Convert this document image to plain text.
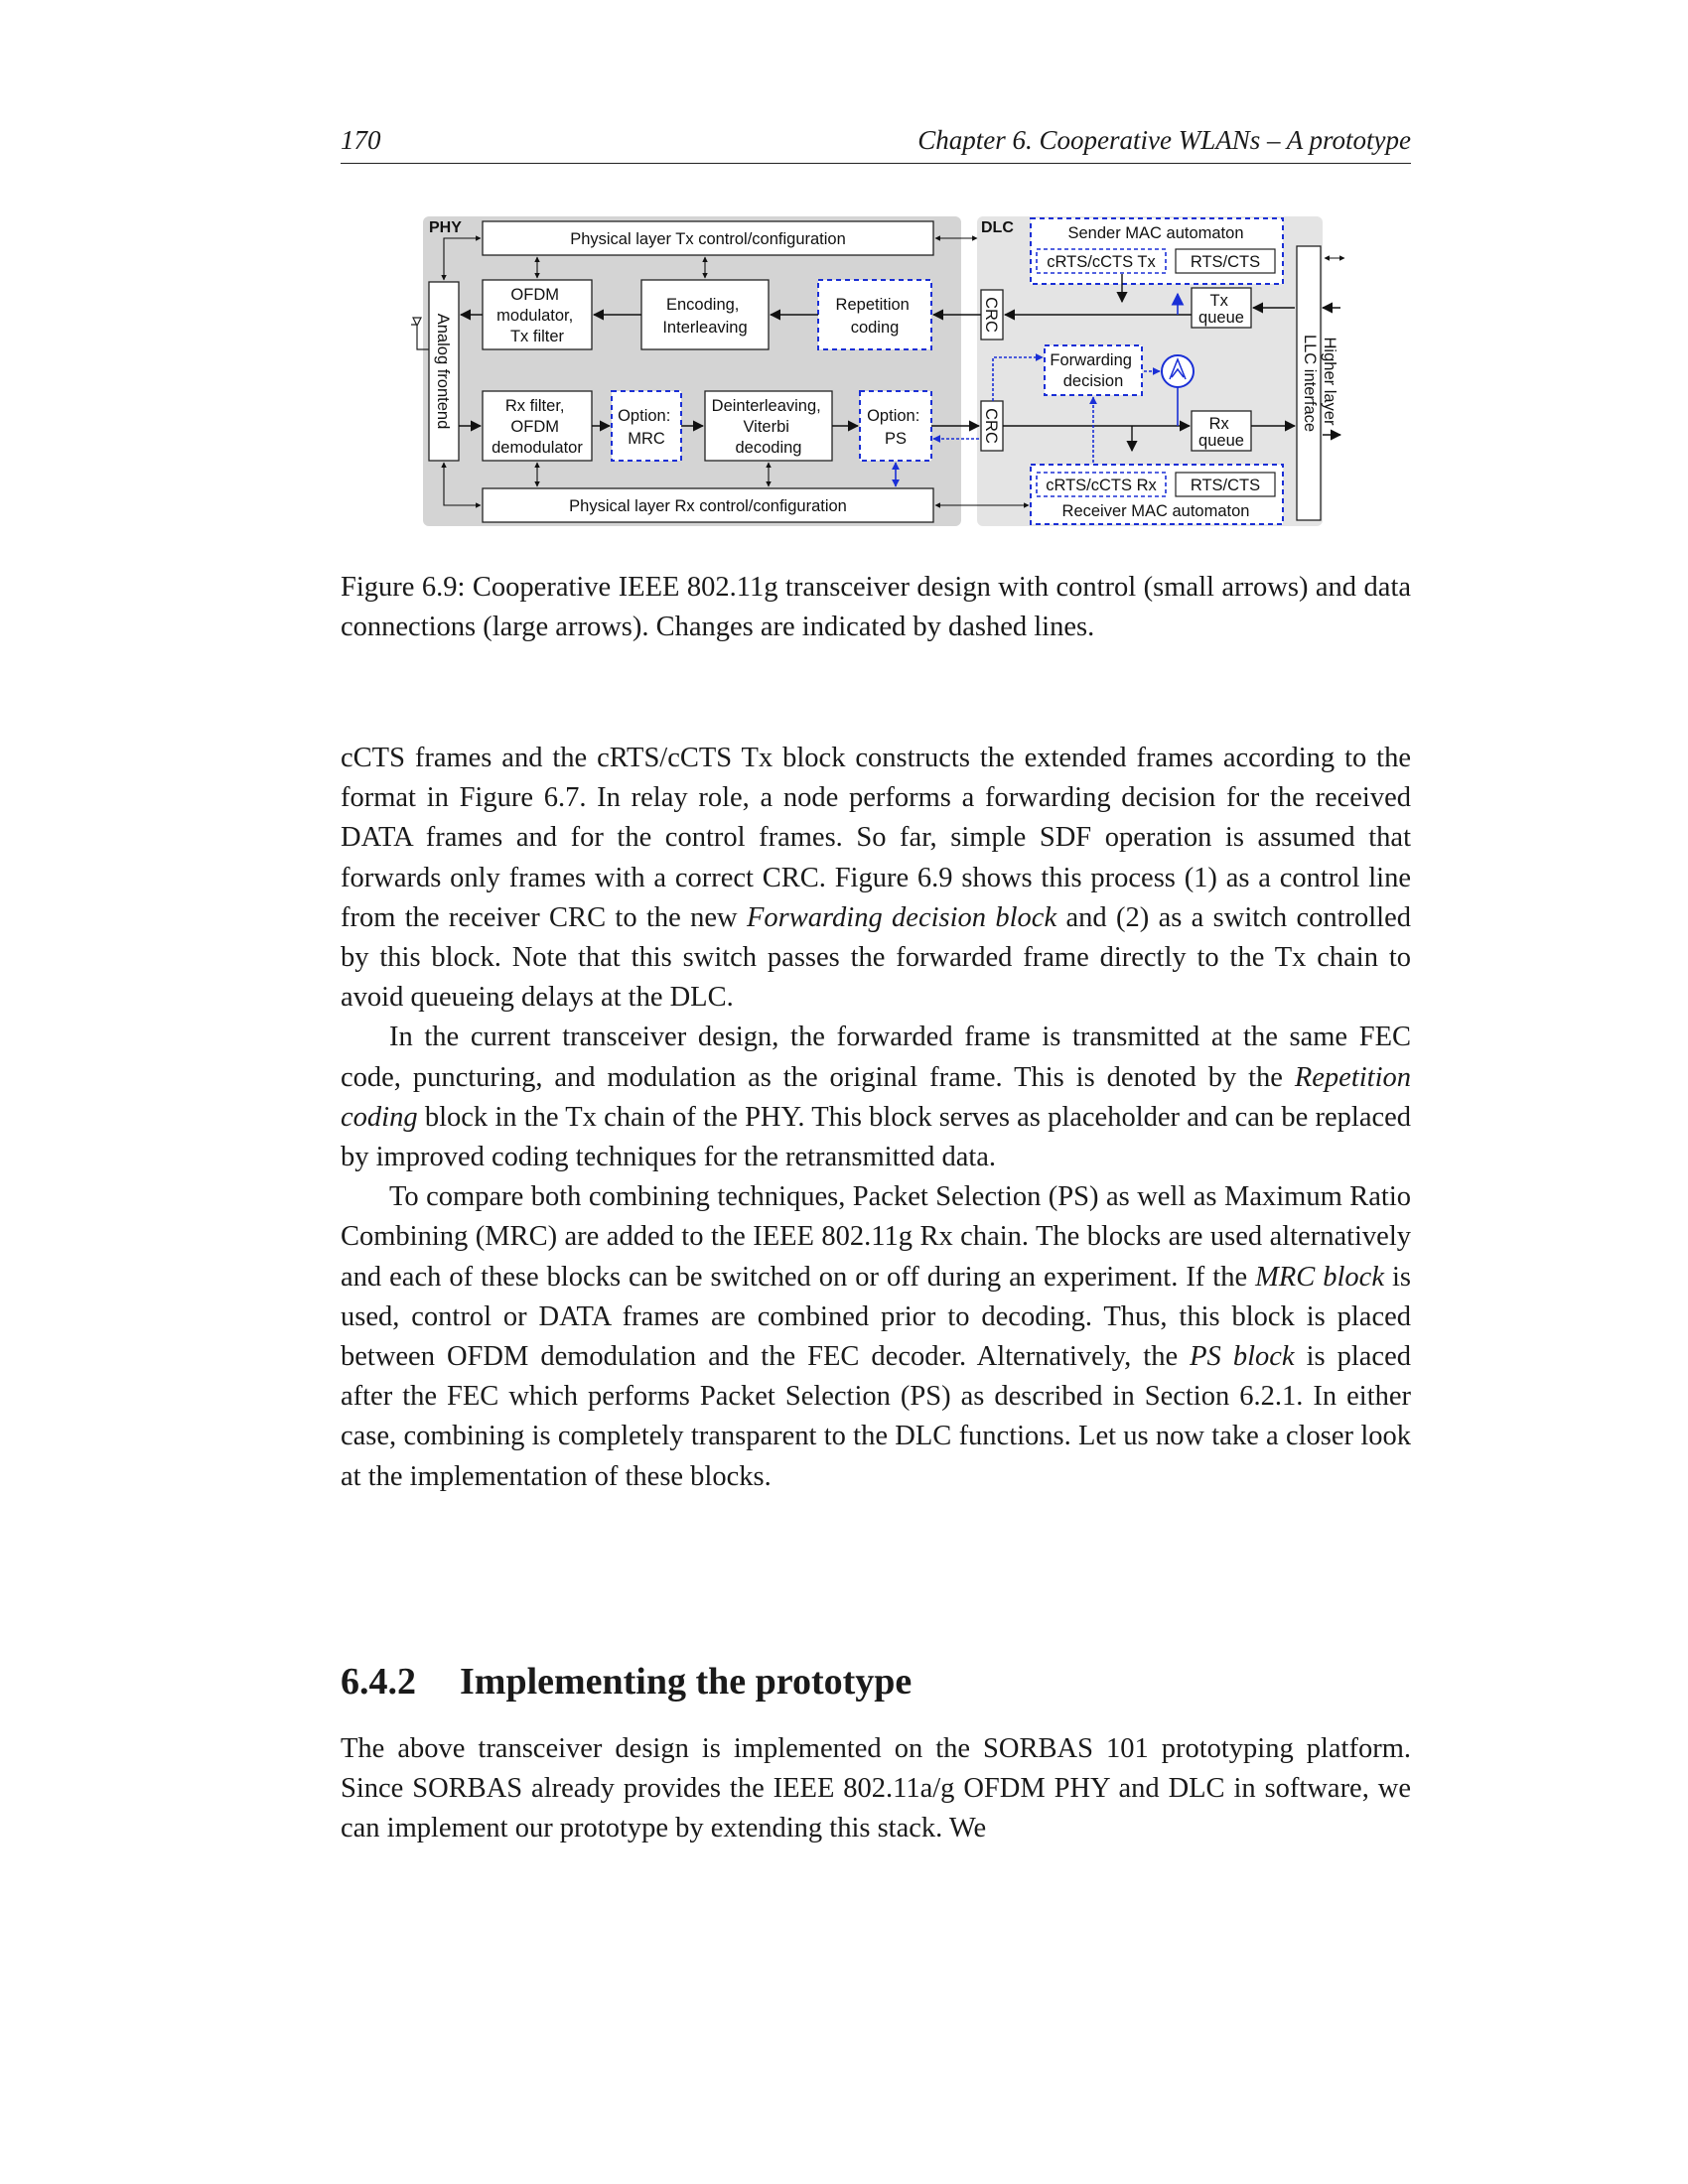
170	Chapter 6. Cooperative WLANs – A prototype
PHY	DLC
Physical layer Tx control/configuration
Physical layer Rx control/configuration
Analog frontend
OFDM modulator, Tx filter
Encoding, Interleaving
Repetition coding
Rx filter, OFDM demodulator
Option: MRC
Deinterleaving, Viterbi decoding
Option: PS
CRC
CRC
Sender MAC automaton
cRTS/cCTS Tx RTS/CTS
Tx queue
Forwarding decision
Rx queue
cRTS/cCTS Rx RTS/CTS
Receiver MAC automaton
LLC interface Higher layer
Figure 6.9: Cooperative IEEE 802.11g transceiver design with control (small arrows) and data connections (large arrows). Changes are indicated by dashed lines.

cCTS frames and the cRTS/cCTS Tx block constructs the extended frames according to the format in Figure 6.7. In relay role, a node performs a forwarding decision for the received DATA frames and for the control frames. So far, simple SDF operation is assumed that forwards only frames with a correct CRC. Figure 6.9 shows this process (1) as a control line from the receiver CRC to the new Forwarding decision block and (2) as a switch controlled by this block. Note that this switch passes the forwarded frame directly to the Tx chain to avoid queueing delays at the DLC.

In the current transceiver design, the forwarded frame is transmitted at the same FEC code, puncturing, and modulation as the original frame. This is denoted by the Repetition coding block in the Tx chain of the PHY. This block serves as placeholder and can be replaced by improved coding techniques for the retransmitted data.

To compare both combining techniques, Packet Selection (PS) as well as Maximum Ratio Combining (MRC) are added to the IEEE 802.11g Rx chain. The blocks are used alternatively and each of these blocks can be switched on or off during an experiment. If the MRC block is used, control or DATA frames are combined prior to decoding. Thus, this block is placed between OFDM demodulation and the FEC decoder. Alternatively, the PS block is placed after the FEC which performs Packet Selection (PS) as described in Section 6.2.1. In either case, combining is completely transparent to the DLC functions. Let us now take a closer look at the implementation of these blocks.

6.4.2 Implementing the prototype

The above transceiver design is implemented on the SORBAS 101 prototyping platform. Since SORBAS already provides the IEEE 802.11a/g OFDM PHY and DLC in software, we can implement our prototype by extending this stack. We
